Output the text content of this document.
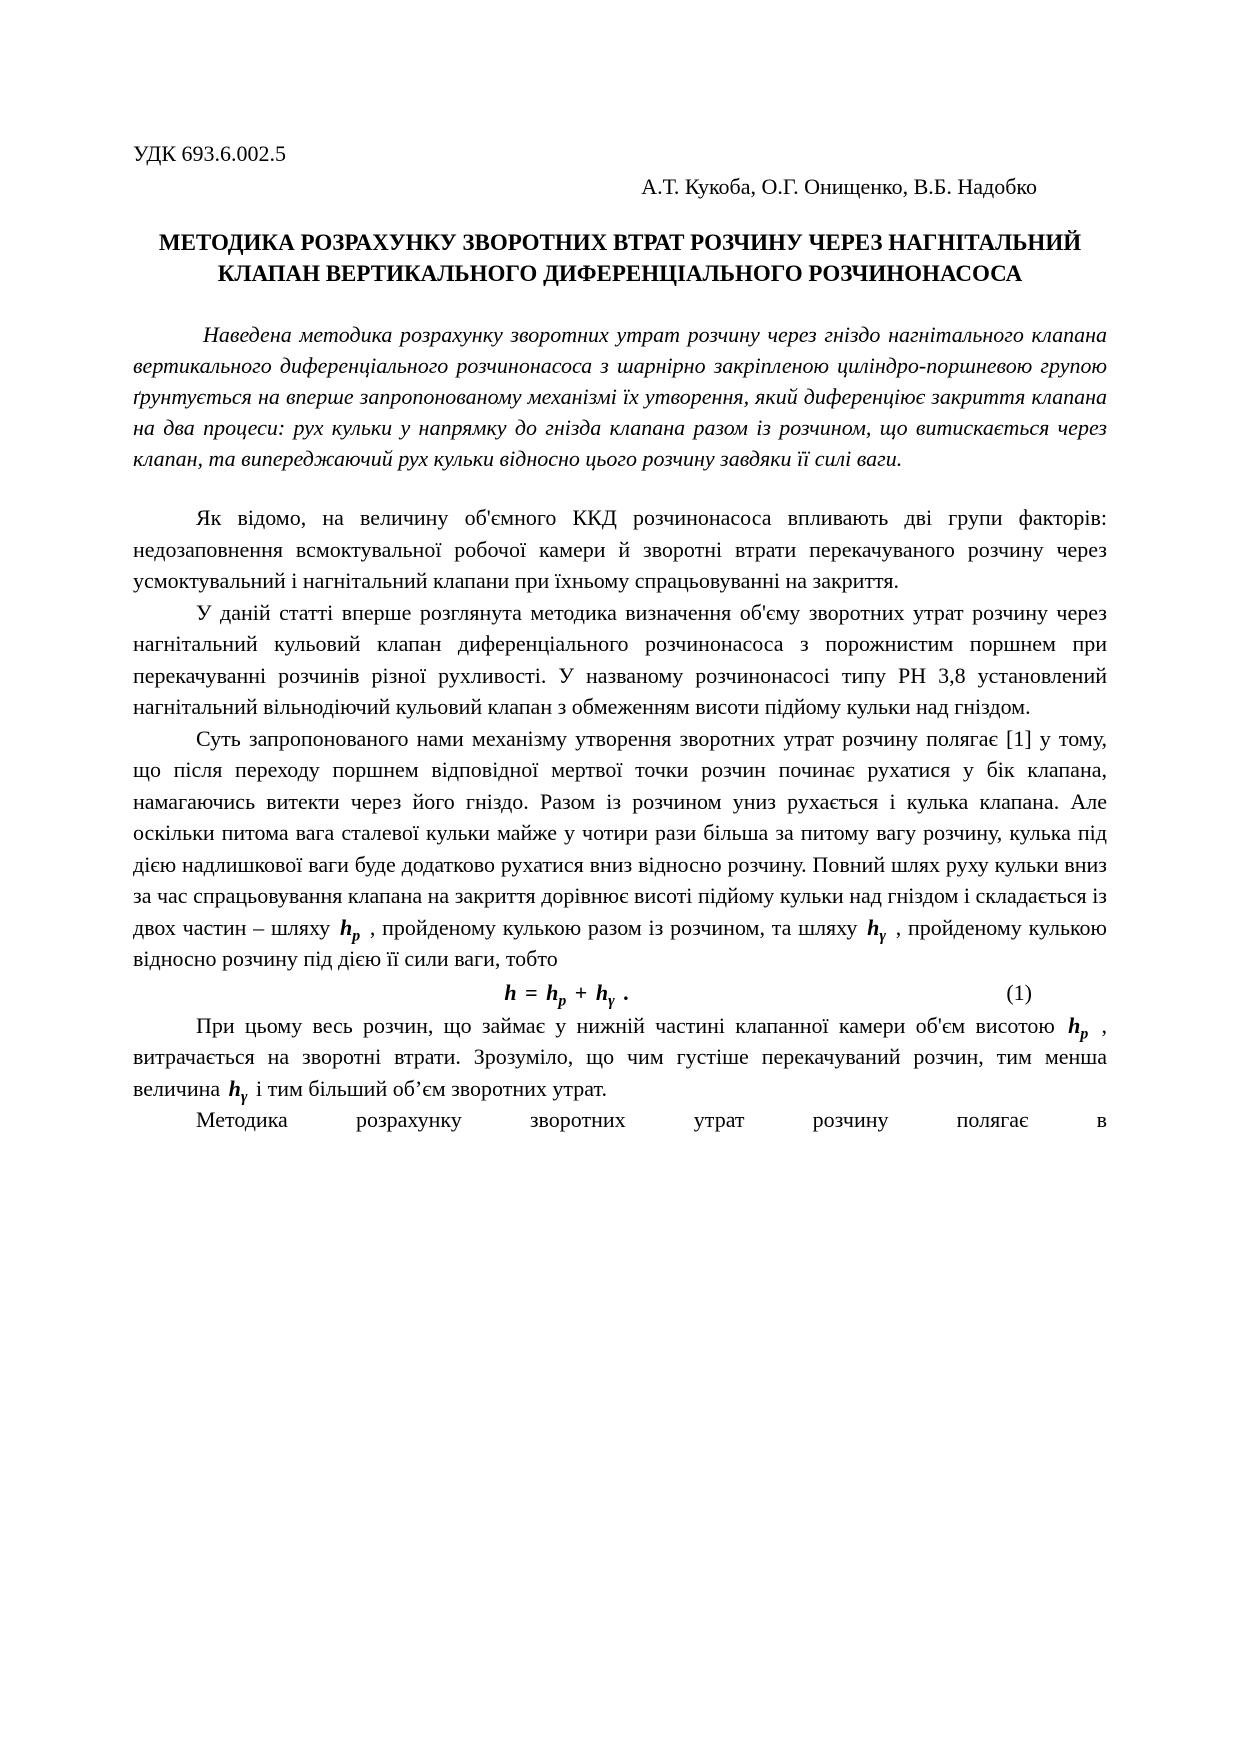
УДК 693.6.002.5
А.Т. Кукоба, О.Г. Онищенко, В.Б. Надобко
МЕТОДИКА РОЗРАХУНКУ ЗВОРОТНИХ ВТРАТ РОЗЧИНУ ЧЕРЕЗ НАГНІТАЛЬНИЙ КЛАПАН ВЕРТИКАЛЬНОГО ДИФЕРЕНЦІАЛЬНОГО РОЗЧИНОНАСОСА

Наведена методика розрахунку зворотних утрат розчину через гніздо нагнітального клапана вертикального диференціального розчинонасоса з шарнірно закріпленою циліндро-поршневою групою ґрунтується на вперше запропонованому механізмі їх утворення, який диференціює закриття клапана на два процеси: рух кульки у напрямку до гнізда клапана разом із розчином, що витискається через клапан, та випереджаючий рух кульки відносно цього розчину завдяки її силі ваги.

Як відомо, на величину об'ємного ККД розчинонасоса впливають дві групи факторів: недозаповнення всмоктувальної робочої камери й зворотні втрати перекачуваного розчину через усмоктувальний і нагнітальний клапани при їхньому спрацьовуванні на закриття.

У даній статті вперше розглянута методика визначення об'єму зворотних утрат розчину через нагнітальний кульовий клапан диференціального розчинонасоса з порожнистим поршнем при перекачуванні розчинів різної рухливості. У названому розчинонасосі типу РН 3,8 установлений нагнітальний вільнодіючий кульовий клапан з обмеженням висоти підйому кульки над гніздом.

Суть запропонованого нами механізму утворення зворотних утрат розчину полягає [1] у тому, що після переходу поршнем відповідної мертвої точки розчин починає рухатися у бік клапана, намагаючись витекти через його гніздо. Разом із розчином униз рухається і кулька клапана. Але оскільки питома вага сталевої кульки майже у чотири рази більша за питому вагу розчину, кулька під дією надлишкової ваги буде додатково рухатися вниз відносно розчину. Повний шлях руху кульки вниз за час спрацьовування клапана на закриття дорівнює висоті підйому кульки над гніздом і складається із двох частин – шляху $h_p$ , пройденому кулькою разом із розчином, та шляху $h_\gamma$ , пройденому кулькою відносно розчину під дією її сили ваги, тобто

$h = h_p + h_\gamma$ .	(1)

При цьому весь розчин, що займає у нижній частині клапанної камери об'єм висотою $h_p$ , витрачається на зворотні втрати. Зрозуміло, що чим густіше перекачуваний розчин, тим менша величина $h_\gamma$ і тим більший об’єм зворотних утрат.

Методика розрахунку зворотних утрат розчину полягає в
